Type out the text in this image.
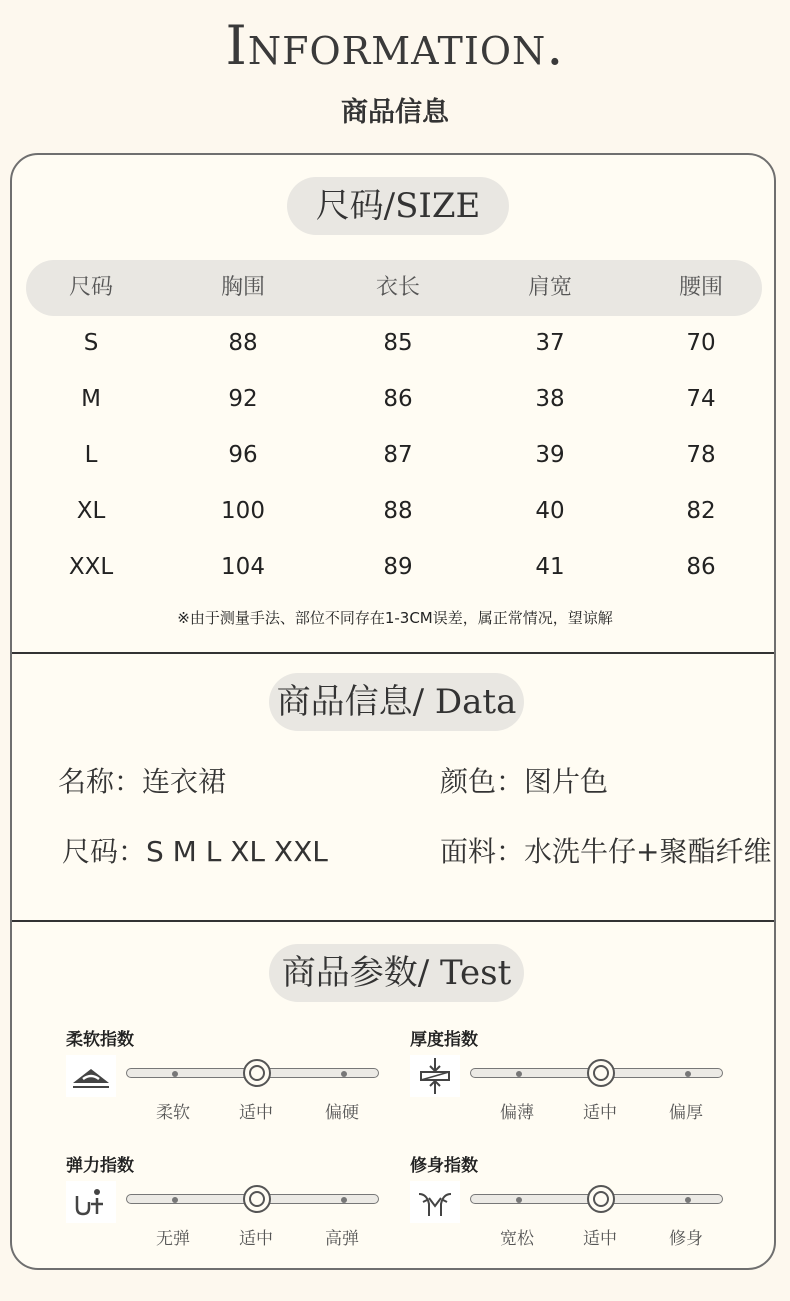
Information.
商品信息
尺码/SIZE
尺码	胸围	衣长	肩宽	腰围
S	88	85	37	70
M	92	86	38	74
L	96	87	39	78
XL	100	88	40	82
XXL	104	89	41	86
※由于测量手法、部位不同存在1-3CM误差，属正常情况，望谅解
商品信息/ Data
名称：连衣裙	颜色：图片色
尺码：S M L XL XXL	面料：水洗牛仔+聚酯纤维
商品参数/ Test
柔软指数
柔软	适中	偏硬
厚度指数
偏薄	适中	偏厚
弹力指数
无弹	适中	高弹
修身指数
宽松	适中	修身
